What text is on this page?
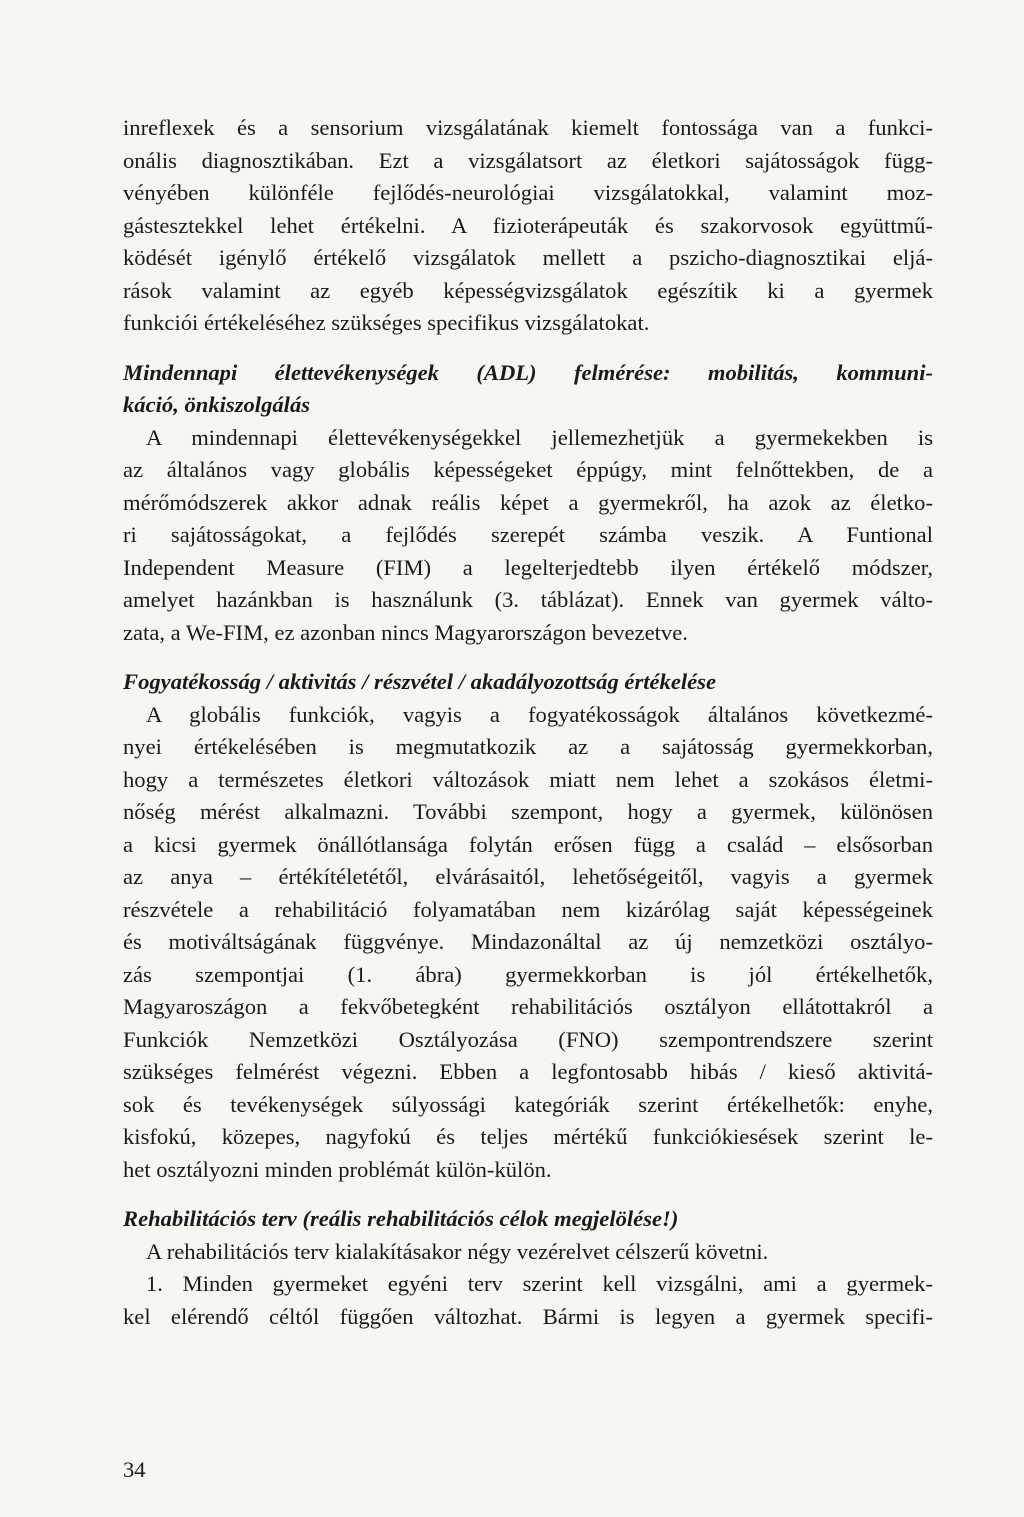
inreflexek és a sensorium vizsgálatának kiemelt fontossága van a funkci-
onális diagnosztikában. Ezt a vizsgálatsort az életkori sajátosságok függ-
vényében különféle fejlődés-neurológiai vizsgálatokkal, valamint moz-
gástesztekkel lehet értékelni. A fizioterápeuták és szakorvosok együttmű-
ködését igénylő értékelő vizsgálatok mellett a pszicho-diagnosztikai eljá-
rások valamint az egyéb képességvizsgálatok egészítik ki a gyermek
funkciói értékeléséhez szükséges specifikus vizsgálatokat.
Mindennapi élettevékenységek (ADL) felmérése: mobilitás, kommuni-
káció, önkiszolgálás
A mindennapi élettevékenységekkel jellemezhetjük a gyermekekben is
az általános vagy globális képességeket éppúgy, mint felnőttekben, de a
mérőmódszerek akkor adnak reális képet a gyermekről, ha azok az életko-
ri sajátosságokat, a fejlődés szerepét számba veszik. A Funtional
Independent Measure (FIM) a legelterjedtebb ilyen értékelő módszer,
amelyet hazánkban is használunk (3. táblázat). Ennek van gyermek válto-
zata, a We-FIM, ez azonban nincs Magyarországon bevezetve.
Fogyatékosság / aktivitás / részvétel / akadályozottság értékelése
A globális funkciók, vagyis a fogyatékosságok általános következmé-
nyei értékelésében is megmutatkozik az a sajátosság gyermekkorban,
hogy a természetes életkori változások miatt nem lehet a szokásos életmi-
nőség mérést alkalmazni. További szempont, hogy a gyermek, különösen
a kicsi gyermek önállótlansága folytán erősen függ a család – elsősorban
az anya – értékítéletétől, elvárásaitól, lehetőségeitől, vagyis a gyermek
részvétele a rehabilitáció folyamatában nem kizárólag saját képességeinek
és motiváltságának függvénye. Mindazonáltal az új nemzetközi osztályo-
zás szempontjai (1. ábra) gyermekkorban is jól értékelhetők,
Magyaroszágon a fekvőbetegként rehabilitációs osztályon ellátottakról a
Funkciók Nemzetközi Osztályozása (FNO) szempontrendszere szerint
szükséges felmérést végezni. Ebben a legfontosabb hibás / kieső aktivitá-
sok és tevékenységek súlyossági kategóriák szerint értékelhetők: enyhe,
kisfokú, közepes, nagyfokú és teljes mértékű funkciókiesések szerint le-
het osztályozni minden problémát külön-külön.
Rehabilitációs terv (reális rehabilitációs célok megjelölése!)
A rehabilitációs terv kialakításakor négy vezérelvet célszerű követni.
1. Minden gyermeket egyéni terv szerint kell vizsgálni, ami a gyermek-
kel elérendő céltól függően változhat. Bármi is legyen a gyermek specifi-
34
